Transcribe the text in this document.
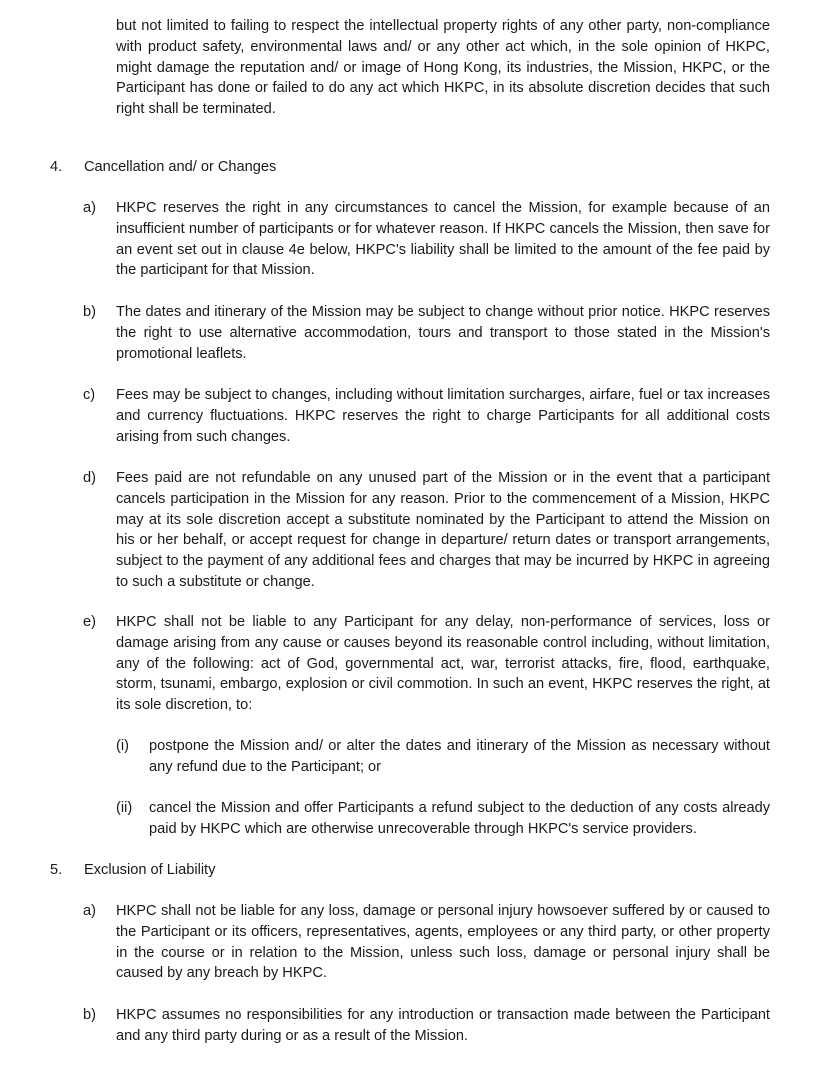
but not limited to failing to respect the intellectual property rights of any other party, non-compliance with product safety, environmental laws and/ or any other act which, in the sole opinion of HKPC, might damage the reputation and/ or image of Hong Kong, its industries, the Mission, HKPC, or the Participant has done or failed to do any act which HKPC, in its absolute discretion decides that such right shall be terminated.

4. Cancellation and/ or Changes

a) HKPC reserves the right in any circumstances to cancel the Mission, for example because of an insufficient number of participants or for whatever reason. If HKPC cancels the Mission, then save for an event set out in clause 4e below, HKPC's liability shall be limited to the amount of the fee paid by the participant for that Mission.

b) The dates and itinerary of the Mission may be subject to change without prior notice. HKPC reserves the right to use alternative accommodation, tours and transport to those stated in the Mission's promotional leaflets.

c) Fees may be subject to changes, including without limitation surcharges, airfare, fuel or tax increases and currency fluctuations. HKPC reserves the right to charge Participants for all additional costs arising from such changes.

d) Fees paid are not refundable on any unused part of the Mission or in the event that a participant cancels participation in the Mission for any reason. Prior to the commencement of a Mission, HKPC may at its sole discretion accept a substitute nominated by the Participant to attend the Mission on his or her behalf, or accept request for change in departure/ return dates or transport arrangements, subject to the payment of any additional fees and charges that may be incurred by HKPC in agreeing to such a substitute or change.

e) HKPC shall not be liable to any Participant for any delay, non-performance of services, loss or damage arising from any cause or causes beyond its reasonable control including, without limitation, any of the following: act of God, governmental act, war, terrorist attacks, fire, flood, earthquake, storm, tsunami, embargo, explosion or civil commotion. In such an event, HKPC reserves the right, at its sole discretion, to:

(i) postpone the Mission and/ or alter the dates and itinerary of the Mission as necessary without any refund due to the Participant; or

(ii) cancel the Mission and offer Participants a refund subject to the deduction of any costs already paid by HKPC which are otherwise unrecoverable through HKPC's service providers.

5. Exclusion of Liability

a) HKPC shall not be liable for any loss, damage or personal injury howsoever suffered by or caused to the Participant or its officers, representatives, agents, employees or any third party, or other property in the course or in relation to the Mission, unless such loss, damage or personal injury shall be caused by any breach by HKPC.

b) HKPC assumes no responsibilities for any introduction or transaction made between the Participant and any third party during or as a result of the Mission.
